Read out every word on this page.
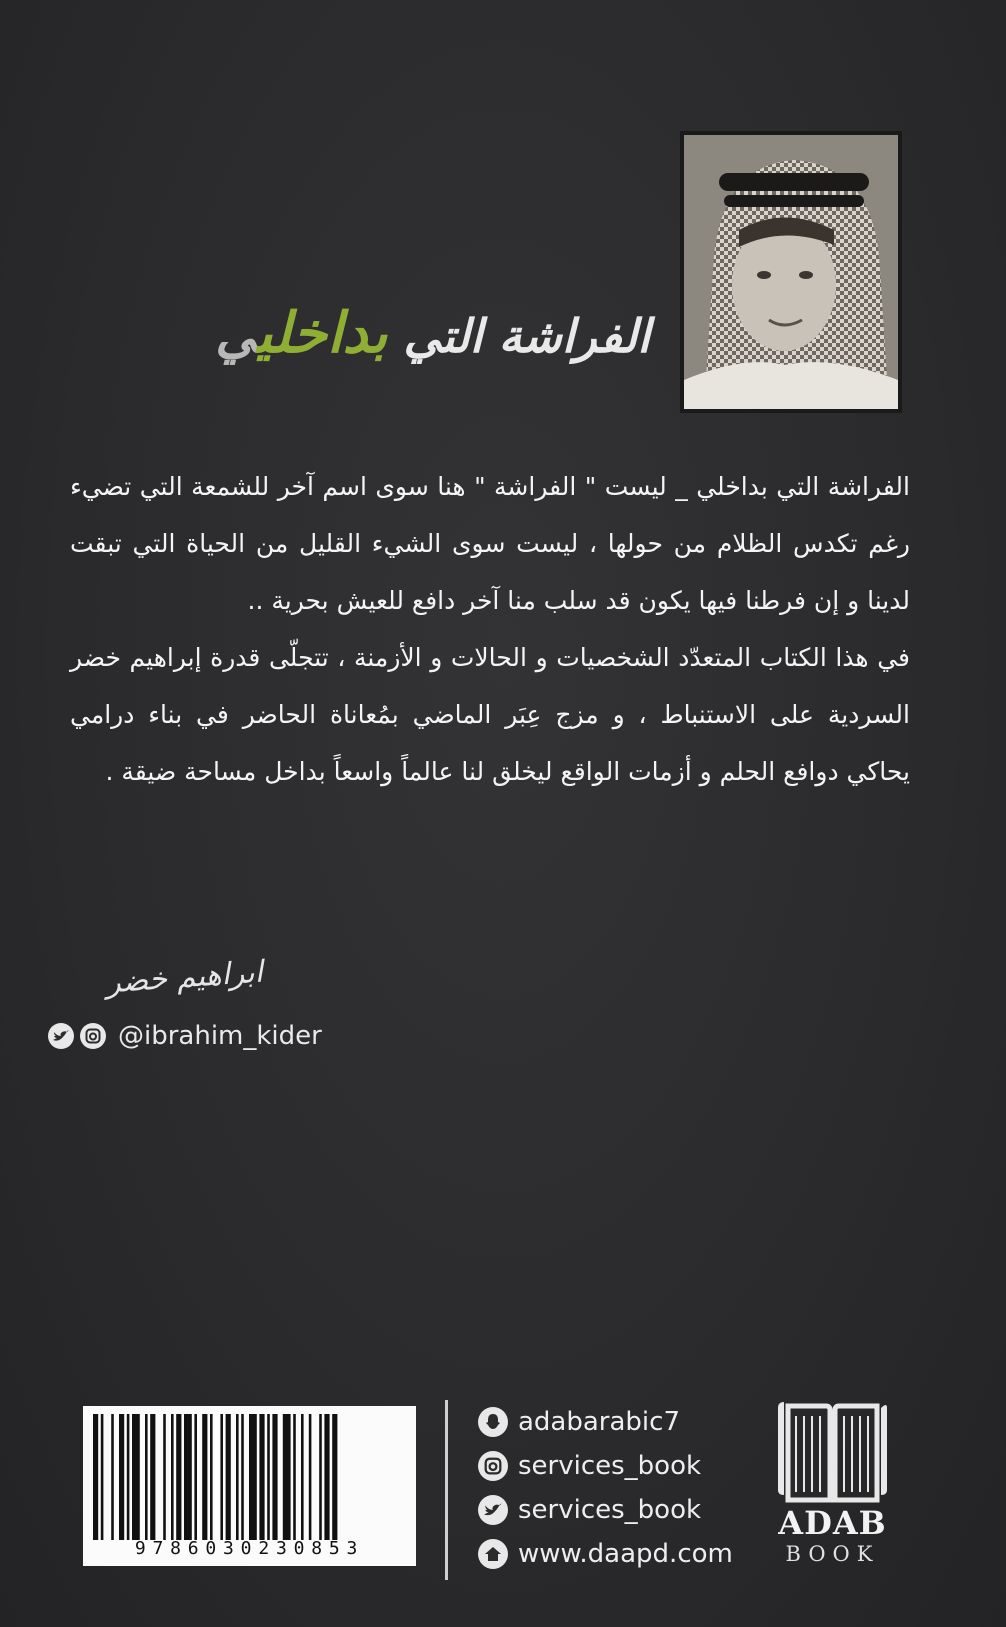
الفراشة التي بداخليي

الفراشة التي بداخلي _ ليست " الفراشة " هنا سوى اسم آخر للشمعة التي تضيء رغم تكدس الظلام من حولها ، ليست سوى الشيء القليل من الحياة التي تبقت لدينا و إن فرطنا فيها يكون قد سلب منا آخر دافع للعيش بحرية ..

في هذا الكتاب المتعدّد الشخصيات و الحالات و الأزمنة ، تتجلّى قدرة إبراهيم خضر السردية على الاستنباط ، و مزج عِبَر الماضي بمُعاناة الحاضر في بناء درامي يحاكي دوافع الحلم و أزمات الواقع ليخلق لنا عالماً واسعاً بداخل مساحة ضيقة .

ابراهيم خضر
@ibrahim_kider
9786030230853
adabarabic7
services_book
services_book
www.daapd.com
ADAB
BOOK
